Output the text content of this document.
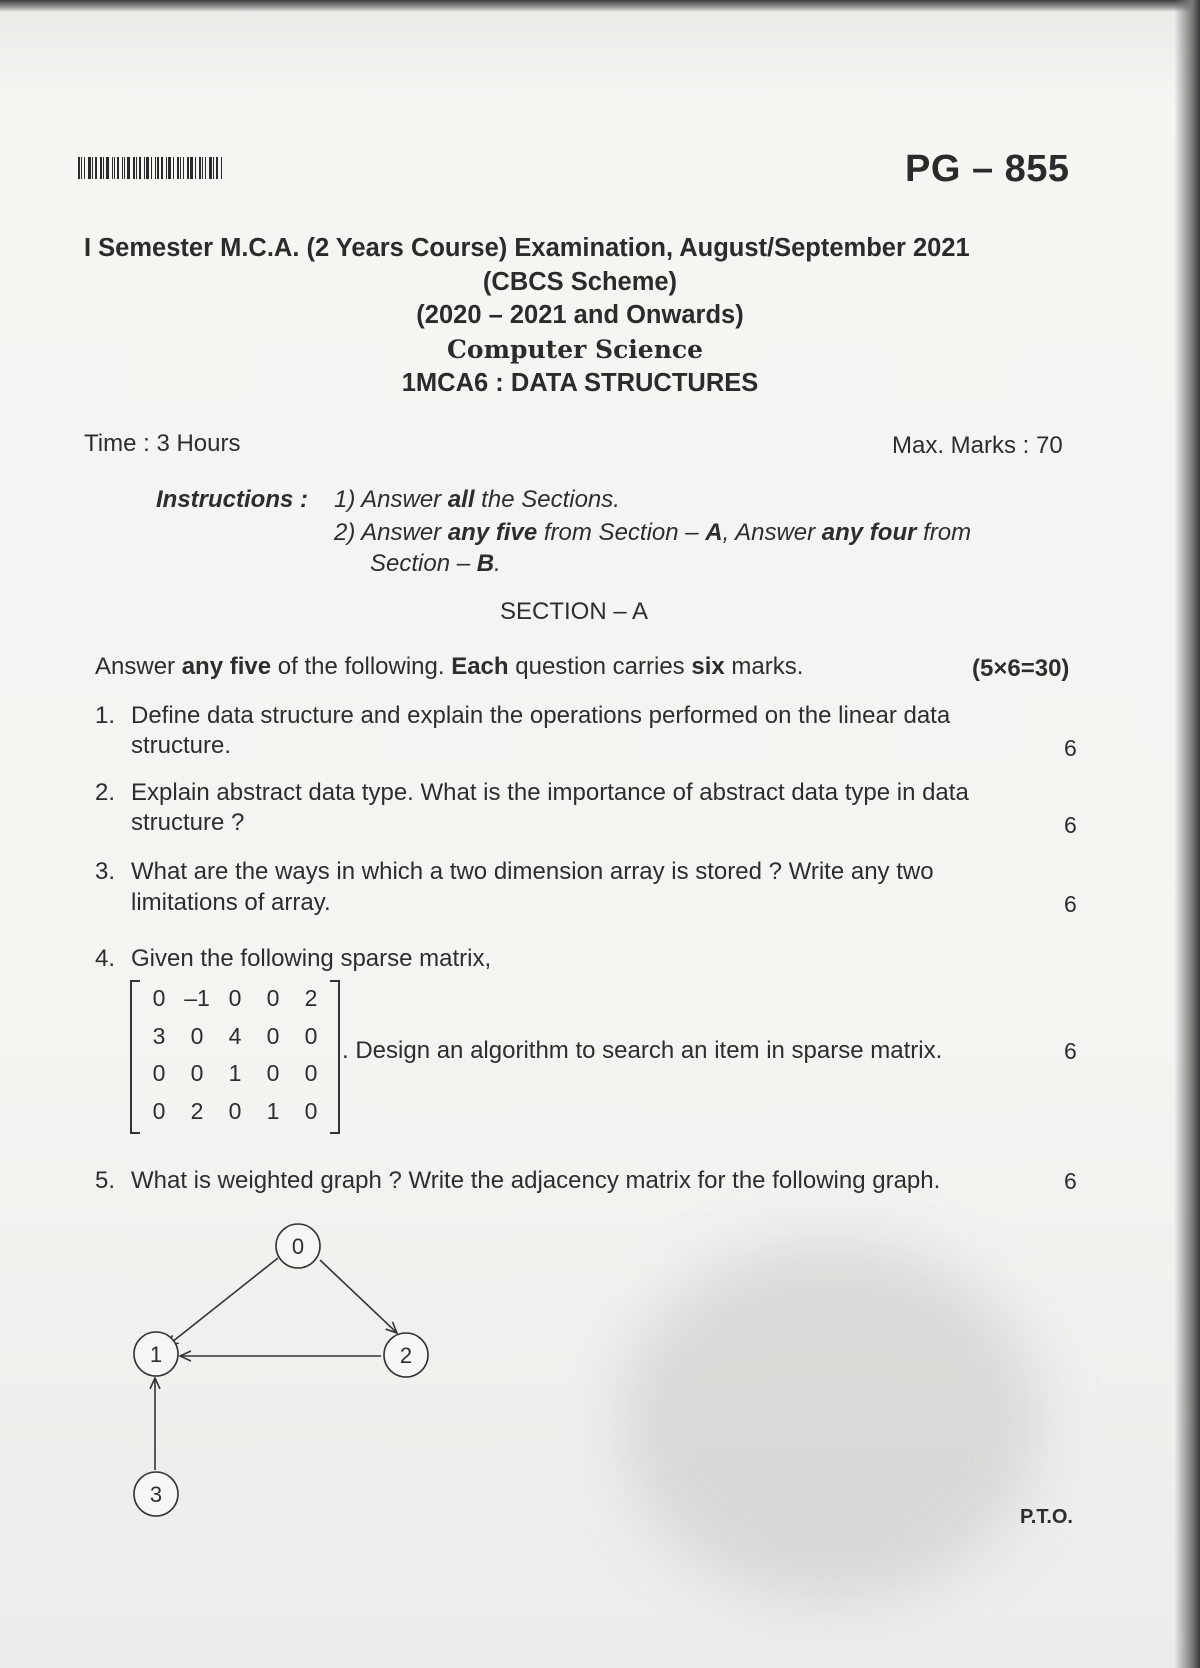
PG – 855
I Semester M.C.A. (2 Years Course) Examination, August/September 2021
(CBCS Scheme)
(2020 – 2021 and Onwards)
Computer Science
1MCA6 : DATA STRUCTURES
Time : 3 Hours	Max. Marks : 70
Instructions : 1) Answer all the Sections.
2) Answer any five from Section – A, Answer any four from
Section – B.
SECTION – A
Answer any five of the following. Each question carries six marks.	(5×6=30)
1. Define data structure and explain the operations performed on the linear data
structure.	6
2. Explain abstract data type. What is the importance of abstract data type in data
structure ?	6
3. What are the ways in which a two dimension array is stored ? Write any two
limitations of array.	6
4. Given the following sparse matrix,
0	–1	0	0	2
3	0	4	0	0
0	0	1	0	0
0	2	0	1	0
. Design an algorithm to search an item in sparse matrix.	6
5. What is weighted graph ? Write the adjacency matrix for the following graph.	6
0
1	2
3
P.T.O.
